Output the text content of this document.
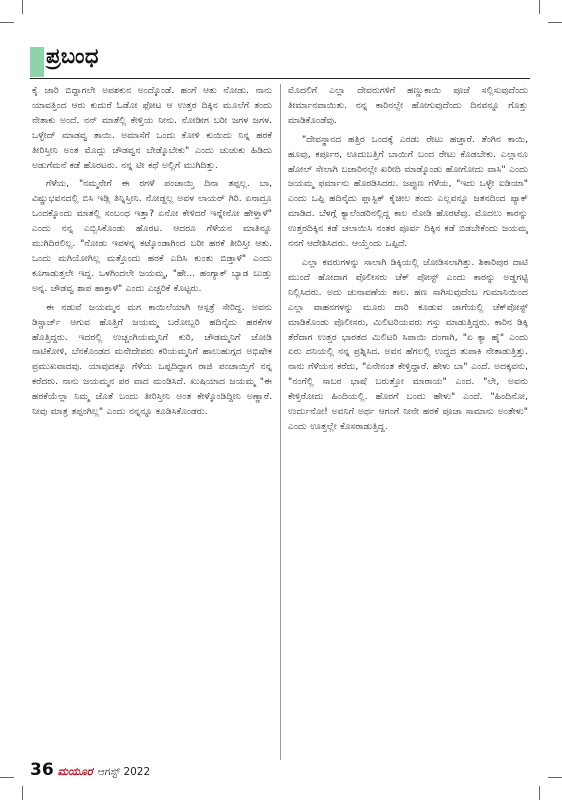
ಪ್ರಬಂಧ

ಕೈ ಜಾರಿ ಬಿದ್ದಾಗಲೇ ಅಪಶಕುನ ಅಂದ್ಕೊಂಡೆ. ಹಂಗೆ ಆತು ನೋಡು. ನಾನು ಯಾವತ್ತಿಂದ ಆರು ಕುದುರೆ ಓಡೋ ಫೋಟ ಆ ಉತ್ತರ ದಿಕ್ಕಿನ ಮೂಲೆಗೆ ತಂದು ನೇತಾಕು ಅಂದೆ. ನನ್ ಮಾತೆಲ್ಲಿ ಕೇಳ್ತಿಯ ನೀನು. ನೋಡೀಗ ಬರೀ ಜಗಳ ಜಗಳ. ಒಳ್ಳೇದ್ ಮಾಡವ್ವ ತಾಯಿ. ಅಮಾಸೆಗೆ ಒಂದು ಕೋಳಿ ಕುಯಿದು ನಿನ್ನ ಹರಕೆ ತೀರಿಸ್ತೀನಿ ಅಂತ ಮೊದ್ಲು ಚೌಡವ್ವನ ಬೇಡ್ಕೊಬೇಕು" ಎಂದು ಚುಚುಕು ಹಿಡಿದು ಅಡುಗೆಮನೆ ಕಡೆ ಹೊರಟರು. ನನ್ನ ಟೀ ಕಥೆ ಅಲ್ಲಿಗೆ ಮುಗಿದಿತ್ತು.

ಗೆಳೆಯ, "ನಮ್ಮನೇಗೆ ಈ ರಗಳೆ ಪಂಚಾಯ್ತಿ ದಿನಾ ತಪ್ಪಲ್ಲ. ಬಾ, ವಿಷ್ಣುಭವನದಲ್ಲಿ ಬಿಸಿ ಇಡ್ಲಿ ತಿನ್ನಿಸ್ತೀನಿ. ನೋಡ್ದಲ್ಲ ಅವಳ ಲಾಯರ್ ಗಿರಿ. ಏನಾದ್ರೂ ಒಂದಕ್ಕೊಂದು ಮಾತಲ್ಲಿ ಸಂಬಂಧ ಇತ್ತಾ? ಏನೋ ಕೇಳಿದರೆ ಇನ್ನೇನೋ ಹೇಳ್ತಾಳೆ" ಎಂದು ನನ್ನ ಎಬ್ಬಿಸಿಕೊಂಡು ಹೊರಟ. ಆದರೂ ಗೆಳೆಯನ ಮಾತಿನ್ನೂ ಮುಗಿದಿರಲಿಲ್ಲ. "ನೋಡು ಇವಳನ್ನ ಕಟ್ಕೊಂಡಾಗಿಂದ ಬರೀ ಹರಕೆ ತೀರಿಸ್ತೀ ಆತು. ಒಂದು ಮಗಿಯೋಗಿಲ್ಲ ಮತ್ತೊಂದು ಹರಕೆ ಎದಿಸಿ ಕುಂತು ಬಿಡ್ತಾಳೆ" ಎಂದು ಕೂಗಾಡುತ್ತಲೇ ಇದ್ದ. ಒಳಗಿಂದಲೇ ಜಯಮ್ಮ, "ಹೇ... ಹಂಗ್ಯಾಕ್ ಬ್ಯಾಡ ಬುಡ್ತು ಅನ್ನ. ಚೌಡವ್ವ ಶಾಪ ಹಾಕ್ತಾಳೆ" ಎಂದು ಎಚ್ಚರಿಕೆ ಕೊಟ್ಟರು.

ಈ ನಡುವೆ ಜಯಮ್ಮನ ಮಗ ಕಾಯಿಲೆಯಾಗಿ ಆಸ್ಪತ್ರೆ ಸೇರಿದ್ದ. ಅವನು ಡಿಸ್ಚಾರ್ಜ್ ಆಗುವ ಹೊತ್ತಿಗೆ ಜಯಮ್ಮ ಬರೋಬ್ಬರಿ ಹದಿನೈದು ಹರಕೆಗಳ ಹೊತ್ತಿದ್ದರು. ಇದರಲ್ಲಿ ಉಚ್ಚಂಗಿಯಮ್ಮನಿಗೆ ಕುರಿ, ಚೌಡಮ್ಮನಿಗೆ ಜೋಡಿ ನಾಟಿಕೋಳಿ, ಬೆನಕೊಂಡದ ಮನೇದೇವರು ಕರಿಯಮ್ಮನಿಗೆ ಹಾಲುಹುಗ್ಗದ ಅಭಿಷೇಕ ಪ್ರಮುಖವಾದವು. ಯಾವುದಕ್ಕೂ ಗೆಳೆಯ ಒಪ್ಪದಿದ್ದಾಗ ರಾಜಿ ಪಂಚಾಯ್ತಿಗೆ ನನ್ನ ಕರೆದರು. ನಾನು ಜಯಮ್ಮನ ಪರ ವಾದ ಮಂಡಿಸಿದೆ. ಖುಷಿಯಾದ ಜಯಮ್ಮ "ಈ ಹರಕೆಯೆಲ್ಲಾ ನಿಮ್ಮ ಜೊತೆ ಬಂದು ತೀರಿಸ್ತೀನಿ ಅಂತ ಕೇಳ್ಕೊಂಡಿದ್ದೀನಿ ಅಣ್ಣಾರೆ. ನೀವು ಮಾತ್ರ ತಪ್ಪಂಗಿಲ್ಲ" ಎಂದು ನನ್ನನ್ನೂ ಕೂಡಿಸಿಕೊಂಡರು.

ಮೊದಲಿಗೆ ಎಲ್ಲಾ ದೇವರುಗಳಿಗೆ ಹಣ್ಣುಕಾಯಿ ಪೂಜೆ ಸಲ್ಲಿಸುವುದೆಂದು ತೀರ್ಮಾನವಾಯಿತು. ನನ್ನ ಕಾರಿನಲ್ಲೇ ಹೋಗುವುದೆಂದು ದಿನವನ್ನೂ ಗೊತ್ತು ಮಾಡಿಕೊಂಡೆವು.

"ದೇವಸ್ಥಾನದ ಹತ್ತಿರ ಒಂದಕ್ಕೆ ಎರಡು ರೇಟು ಹಚ್ತಾರೆ. ತೆಂಗಿನ ಕಾಯಿ, ಹೂವು, ಕರ್ಪೂರ, ಊದುಬತ್ತಿಗೆ ಬಾಯಿಗೆ ಬಂದ ರೇಟು ಕೊಡಬೇಕು. ಎಲ್ಲಾನೂ ಹೋಲ್ ಸೇಲಾಗಿ ಬಜಾರಿನಲ್ಲೇ ಖರೀದಿ ಮಾಡ್ಕೊಂಡು ಹೋಗೋದು ವಾಸಿ" ಎಂದು ಜಯಮ್ಮ ಫರ್ಮಾನು ಹೊರಡಿಸಿದರು. ಜಪ್ಪುಣ ಗೆಳೆಯ, "ಇದು ಒಳ್ಳೇ ಐಡಿಯಾ" ಎಂದು ಒಪ್ಪಿ ಹದಿನೈದು ಪ್ಲಾಸ್ಟಿಕ್ ಕೈಚೀಲ ತಂದು ಎಲ್ಲವನ್ನೂ ಜತನದಿಂದ ಪ್ಯಾಕ್ ಮಾಡಿದ. ಬೆಳಗ್ಗೆ ಕ್ಯಾಲೆಂಡರಿನಲ್ಲಿದ್ದ ಕಾಲ ನೋಡಿ ಹೊರಟೆವು. ಮೊದಲು ಕಾರನ್ನು ಉತ್ತರದಿಕ್ಕಿನ ಕಡೆ ಚಲಾಯಿಸಿ ನಂತರ ಪೂರ್ವ ದಿಕ್ಕಿನ ಕಡೆ ಬಿಡಬೇಕೆಂದು ಜಯಮ್ಮ ನನಗೆ ಆದೇಶಿಸಿದರು. ಆಯ್ತೆಂದು ಒಪ್ಪಿದೆ.

ಎಲ್ಲಾ ಕವರುಗಳನ್ನು ಸಾಲಾಗಿ ಡಿಕ್ಕಿಯಲ್ಲಿ ಜೋಡಿಸಲಾಗಿತ್ತು. ಶಿಕಾರಿಪುರ ದಾಟಿ ಮುಂದೆ ಹೋದಾಗ ಪೊಲೀಸರು ಚೆಕ್ ಪೋಸ್ಟ್ ಎಂದು ಕಾರನ್ನು ಅಡ್ಡಗಟ್ಟಿ ನಿಲ್ಲಿಸಿದರು. ಅದು ಚುನಾವಣೆಯ ಕಾಲ. ಹಣ ಸಾಗಿಸುವುದೆಂಬ ಗುಮಾನಿಯಿಂದ ಎಲ್ಲಾ ವಾಹನಗಳನ್ನು ಮೂರು ದಾರಿ ಕೂಡುವ ಜಾಗೆಯಲ್ಲಿ ಚೆಕ್‌ಪೋಸ್ಟ್ ಮಾಡಿಕೊಂಡು ಪೊಲೀಸರು, ಮಿಲಿಟರಿಯವರು ಗಸ್ತು ಮಾಡುತ್ತಿದ್ದರು. ಕಾರಿನ ಡಿಕ್ಕಿ ತೆರೆದಾಗ ಉತ್ತರ ಭಾರತದ ಮಿಲಿಟರಿ ಸಿಪಾಯಿ ದಂಗಾಗಿ, "ಏ ಕ್ಯಾ ಹೈ" ಎಂದು ಏರು ದನಿಯಲ್ಲಿ ನನ್ನ ಪ್ರಶ್ನಿಸಿದ. ಅವನ ಹೆಗಲಲ್ಲಿ ಉದ್ದದ ತುಪಾಕಿ ನೇತಾಡುತ್ತಿತ್ತು. ನಾನು ಗೆಳೆಯನ ಕರೆದು, "ಏನೇನಂತ ಕೇಳ್ತಿದ್ದಾರೆ. ಹೇಳು ಬಾ" ಎಂದೆ. ಅದಕ್ಕವನು, "ನಂಗೆಲ್ಲಿ ಸಾಬರ ಭಾಷೆ ಬರುತ್ತೋ ಮಾರಾಯ" ಎಂದ. "ಲೇ, ಅವನು ಕೇಳ್ತಿರೋದು ಹಿಂದಿಯಲ್ಲಿ. ಹೊರಗೆ ಬಂದು ಹೇಳು" ಎಂದೆ. "ಹಿಂದಿನೋ, ಉರ್ದುನೋ! ಅವನಿಗೆ ಅರ್ಥ ಆಗಂಗೆ ನೀನೇ ಹರಕೆ ಪೂಜಾ ಸಾಮಾನು ಅಂತೇಳು" ಎಂದು ಊತ್ತಲ್ಲೇ ಕೊಸರಾಡುತ್ತಿದ್ದ.

36 ಮಯೂರ ಆಗಸ್ಟ್ 2022
